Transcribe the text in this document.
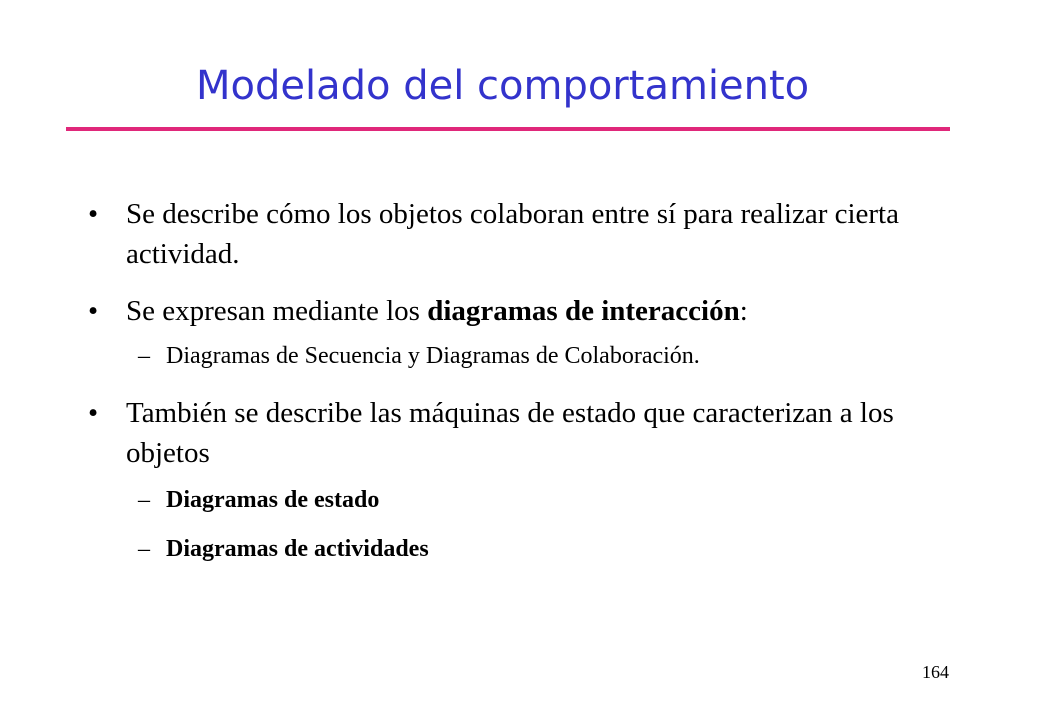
Modelado del comportamiento
• Se describe cómo los objetos colaboran entre sí para realizar cierta actividad.
• Se expresan mediante los diagramas de interacción:
– Diagramas de Secuencia y Diagramas de Colaboración.
• También se describe las máquinas de estado que caracterizan a los objetos
– Diagramas de estado
– Diagramas de actividades
164
